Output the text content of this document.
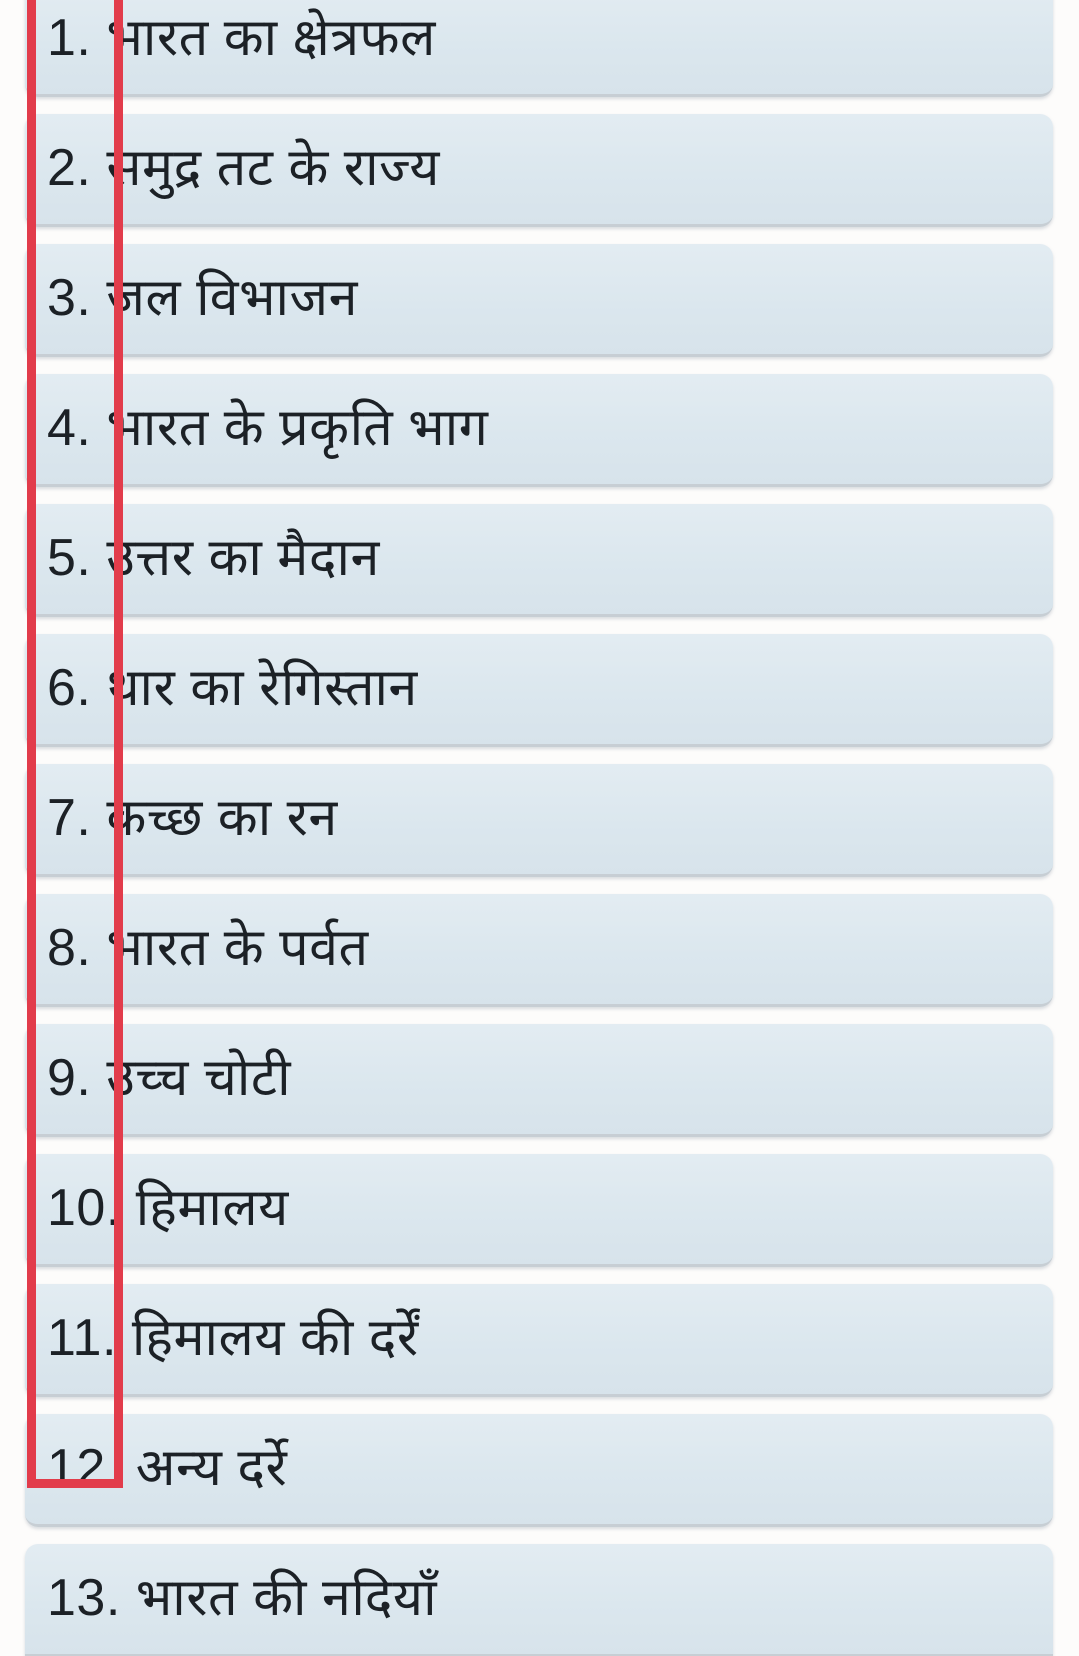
1. भारत का क्षेत्रफल
2. समुद्र तट के राज्य
3. जल विभाजन
4. भारत के प्रकृति भाग
5. उत्तर का मैदान
6. थार का रेगिस्तान
7. कच्छ का रन
8. भारत के पर्वत
9. उच्च चोटी
10. हिमालय
11. हिमालय की दर्रें
12. अन्य दर्रे
13. भारत की नदियाँ
